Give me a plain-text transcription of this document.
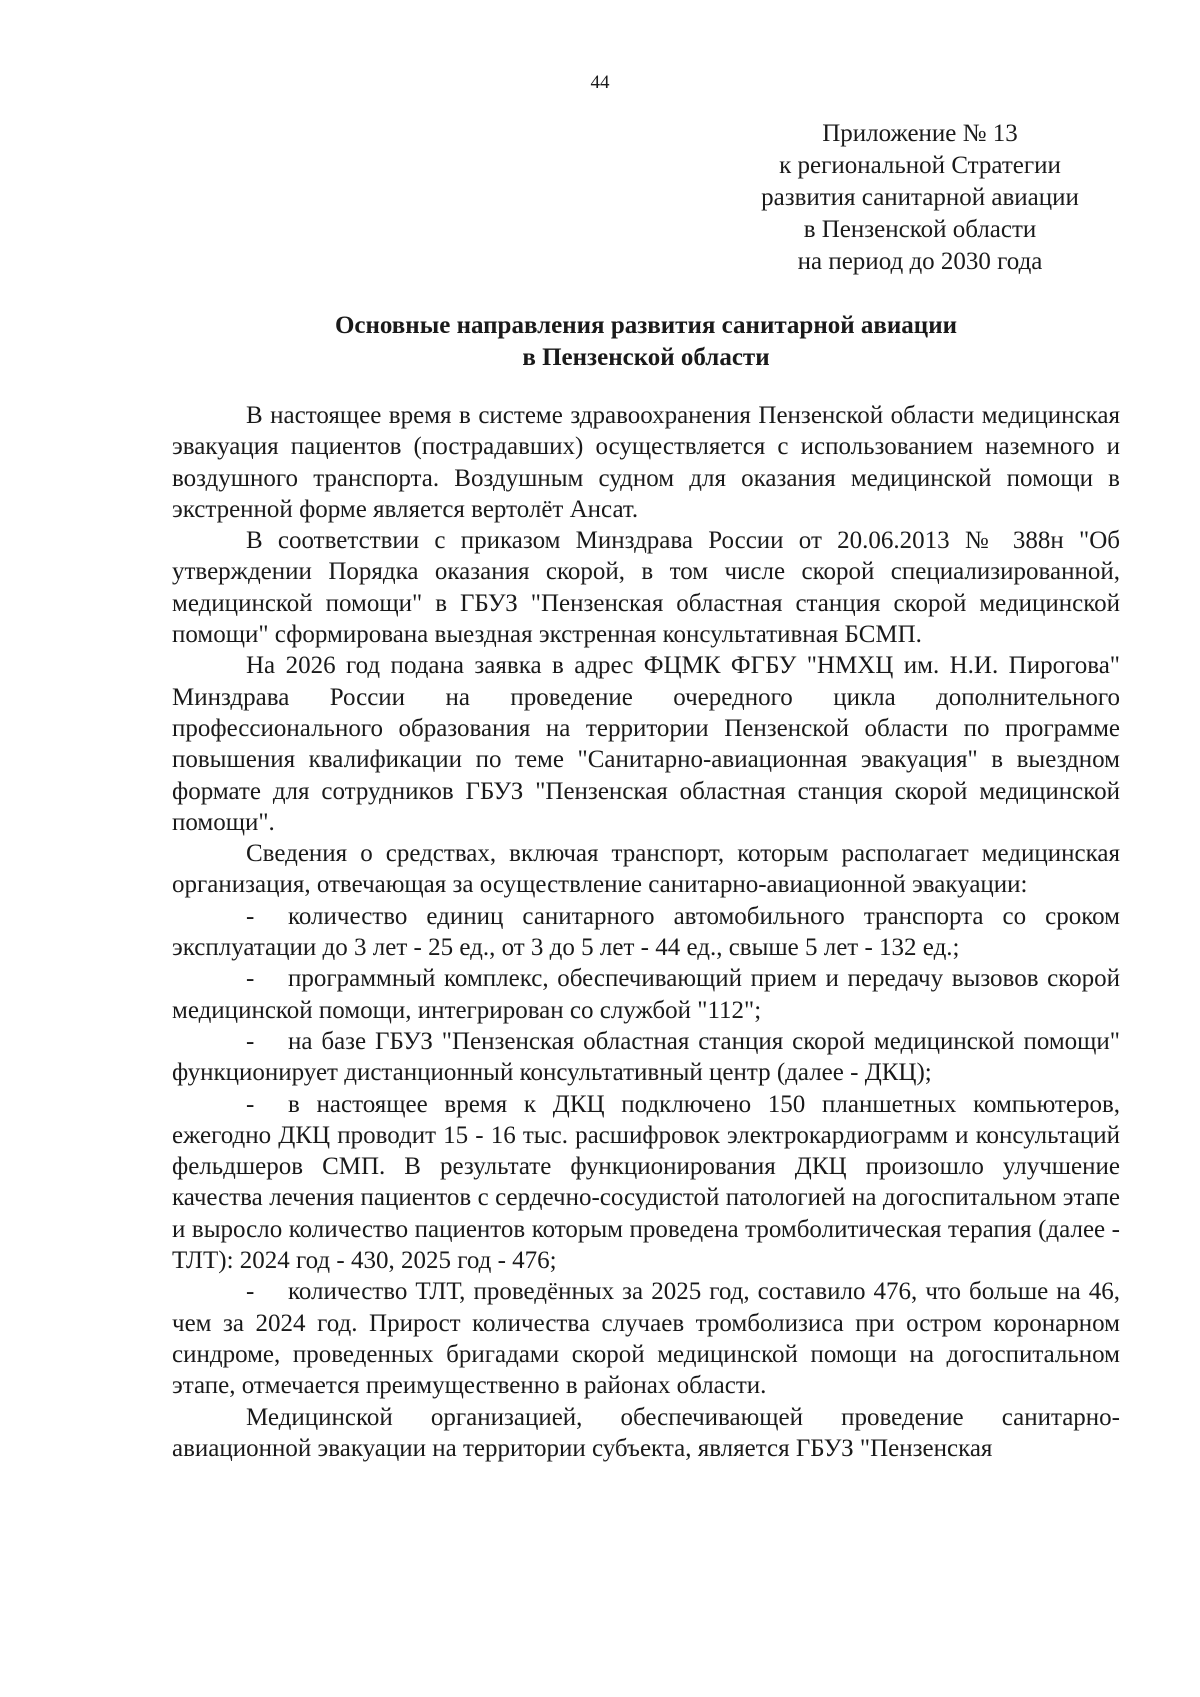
44
Приложение № 13
к региональной Стратегии
развития санитарной авиации
в Пензенской области
на период до 2030 года
Основные направления развития санитарной авиации
в Пензенской области

В настоящее время в системе здравоохранения Пензенской области медицинская эвакуация пациентов (пострадавших) осуществляется с использованием наземного и воздушного транспорта. Воздушным судном для оказания медицинской помощи в экстренной форме является вертолёт Ансат.

В соответствии с приказом Минздрава России от 20.06.2013 № 388н "Об утверждении Порядка оказания скорой, в том числе скорой специализированной, медицинской помощи" в ГБУЗ "Пензенская областная станция скорой медицинской помощи" сформирована выездная экстренная консультативная БСМП.

На 2026 год подана заявка в адрес ФЦМК ФГБУ "НМХЦ им. Н.И. Пирогова" Минздрава России на проведение очередного цикла дополнительного профессионального образования на территории Пензенской области по программе повышения квалификации по теме "Санитарно-авиационная эвакуация" в выездном формате для сотрудников ГБУЗ "Пензенская областная станция скорой медицинской помощи".

Сведения о средствах, включая транспорт, которым располагает медицинская организация, отвечающая за осуществление санитарно-авиационной эвакуации:

- количество единиц санитарного автомобильного транспорта со сроком эксплуатации до 3 лет - 25 ед., от 3 до 5 лет - 44 ед., свыше 5 лет - 132 ед.;

- программный комплекс, обеспечивающий прием и передачу вызовов скорой медицинской помощи, интегрирован со службой "112";

- на базе ГБУЗ "Пензенская областная станция скорой медицинской помощи" функционирует дистанционный консультативный центр (далее - ДКЦ);

- в настоящее время к ДКЦ подключено 150 планшетных компьютеров, ежегодно ДКЦ проводит 15 - 16 тыс. расшифровок электрокардиограмм и консультаций фельдшеров СМП. В результате функционирования ДКЦ произошло улучшение качества лечения пациентов с сердечно-сосудистой патологией на догоспитальном этапе и выросло количество пациентов которым проведена тромболитическая терапия (далее - ТЛТ): 2024 год - 430, 2025 год - 476;

- количество ТЛТ, проведённых за 2025 год, составило 476, что больше на 46, чем за 2024 год. Прирост количества случаев тромболизиса при остром коронарном синдроме, проведенных бригадами скорой медицинской помощи на догоспитальном этапе, отмечается преимущественно в районах области.

Медицинской организацией, обеспечивающей проведение санитарно-авиационной эвакуации на территории субъекта, является ГБУЗ "Пензенская
